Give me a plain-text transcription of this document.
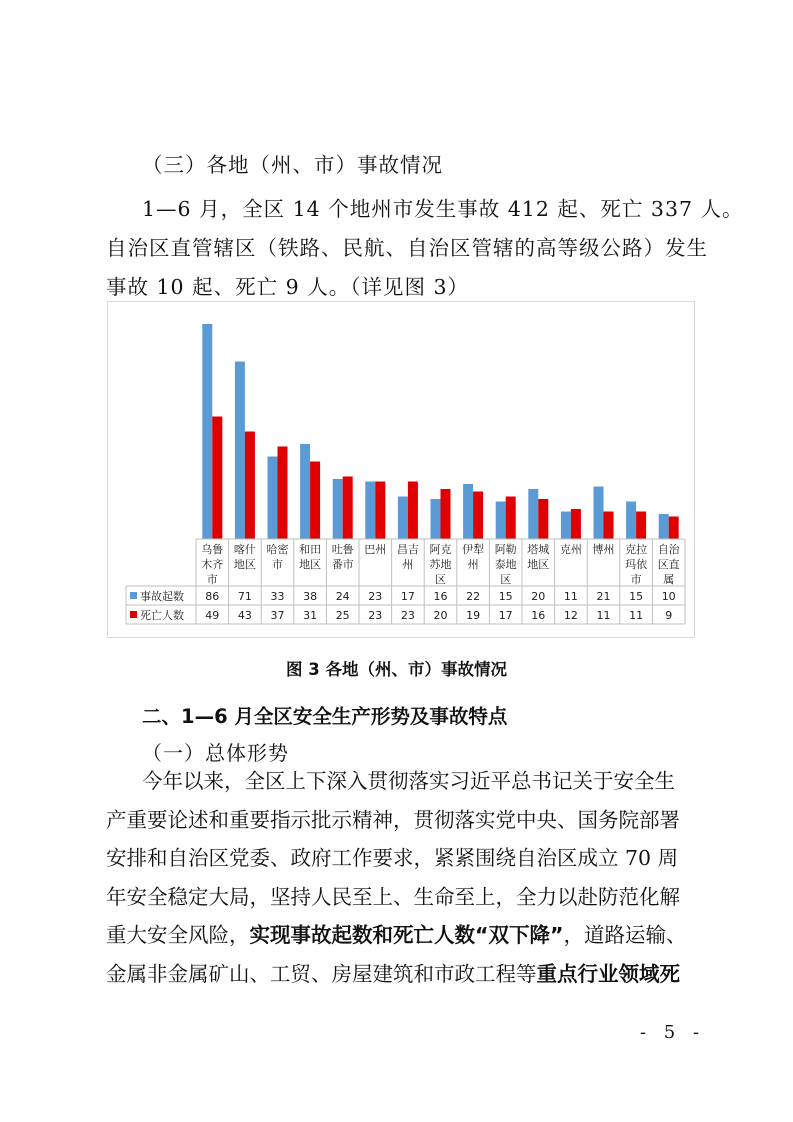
（三）各地（州、市）事故情况
1—6 月，全区 14 个地州市发生事故 412 起、死亡 337 人。
自治区直管辖区（铁路、民航、自治区管辖的高等级公路）发生
事故 10 起、死亡 9 人。（详见图 3）
乌鲁
木齐
市
喀什
地区
哈密
市
和田
地区
吐鲁
番市
巴州 昌吉
州
阿克
苏地
区
伊犁
州
阿勒
泰地
区
塔城
地区
克州 博州 克拉
玛依
市
自治
区直
属
事故起数 86 71 33 38 24 23 17 16 22 15 20 11 21 15 10
死亡人数 49 43 37 31 25 23 23 20 19 17 16 12 11 11 9
图 3 各地（州、市）事故情况
二、1—6 月全区安全生产形势及事故特点
（一）总体形势
今年以来，全区上下深入贯彻落实习近平总书记关于安全生
产重要论述和重要指示批示精神，贯彻落实党中央、国务院部署
安排和自治区党委、政府工作要求，紧紧围绕自治区成立 70 周
年安全稳定大局，坚持人民至上、生命至上，全力以赴防范化解
重大安全风险，实现事故起数和死亡人数“双下降”，道路运输、
金属非金属矿山、工贸、房屋建筑和市政工程等重点行业领域死
- 5 -
